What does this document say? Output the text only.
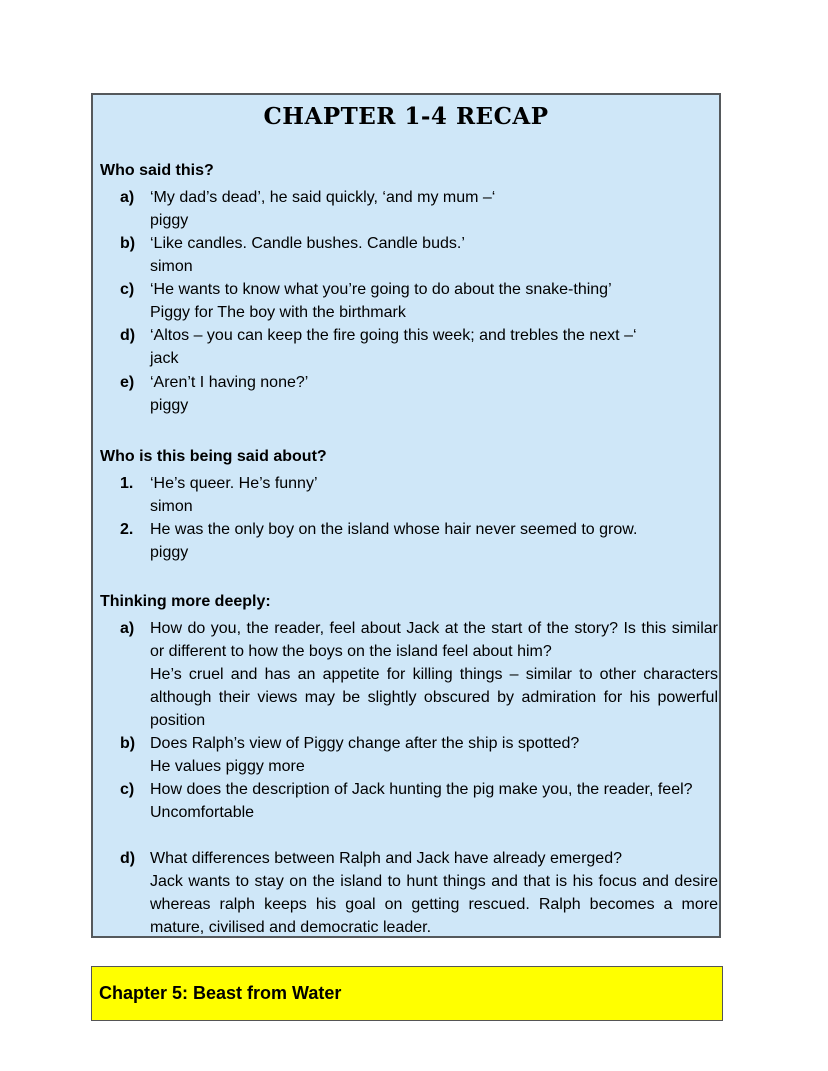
CHAPTER 1-4 RECAP
Who said this?
a) ‘My dad’s dead’, he said quickly, ‘and my mum –‘
piggy
b) ‘Like candles. Candle bushes. Candle buds.’
simon
c) ‘He wants to know what you’re going to do about the snake-thing’
Piggy for The boy with the birthmark
d) ‘Altos – you can keep the fire going this week; and trebles the next –‘
jack
e) ‘Aren’t I having none?’
piggy
Who is this being said about?
1. ‘He’s queer. He’s funny’
simon
2. He was the only boy on the island whose hair never seemed to grow.
piggy
Thinking more deeply:
a) How do you, the reader, feel about Jack at the start of the story? Is this similar or different to how the boys on the island feel about him?
He’s cruel and has an appetite for killing things – similar to other characters although their views may be slightly obscured by admiration for his powerful position
b) Does Ralph’s view of Piggy change after the ship is spotted?
He values piggy more
c) How does the description of Jack hunting the pig make you, the reader, feel?
Uncomfortable
d) What differences between Ralph and Jack have already emerged?
Jack wants to stay on the island to hunt things and that is his focus and desire whereas ralph keeps his goal on getting rescued. Ralph becomes a more mature, civilised and democratic leader.
Chapter 5: Beast from Water
